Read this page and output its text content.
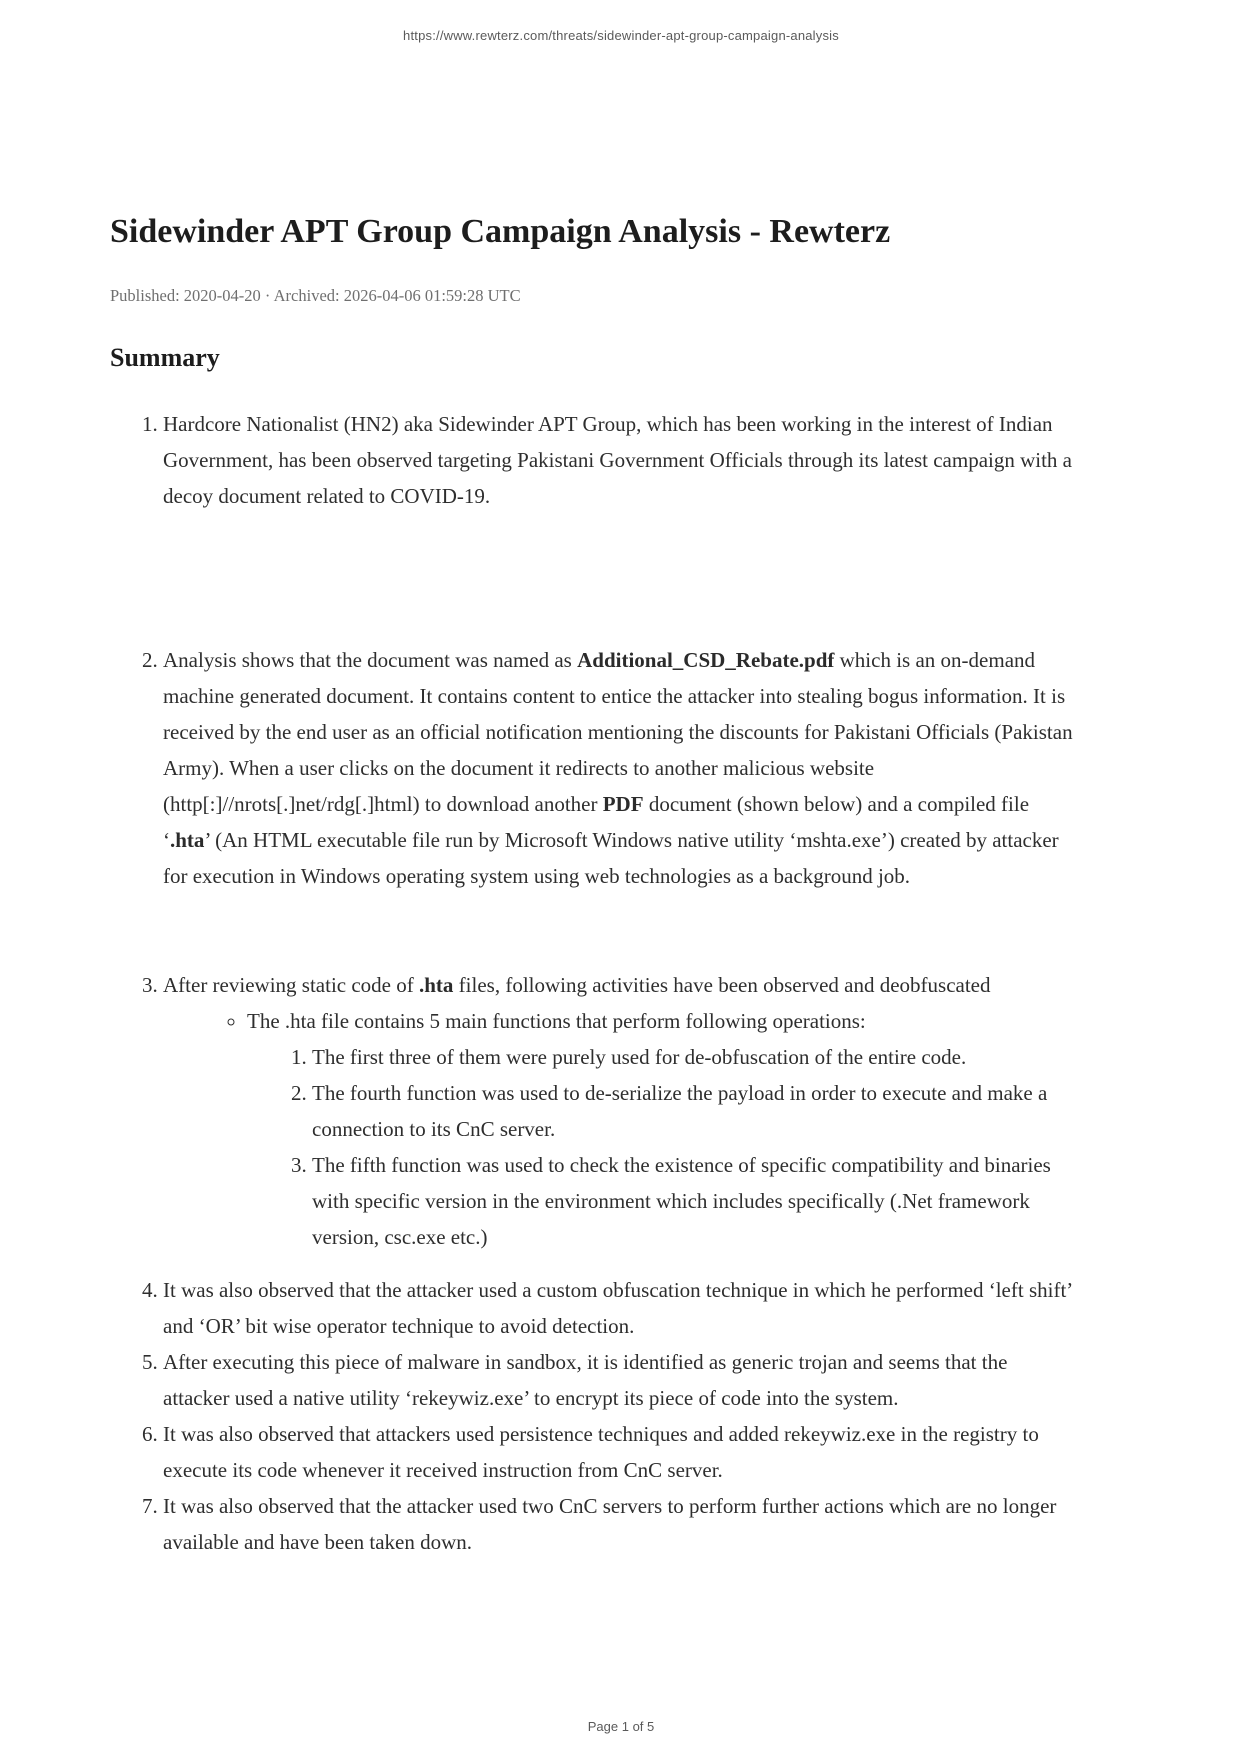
https://www.rewterz.com/threats/sidewinder-apt-group-campaign-analysis
Sidewinder APT Group Campaign Analysis - Rewterz
Published: 2020-04-20 · Archived: 2026-04-06 01:59:28 UTC
Summary
1. Hardcore Nationalist (HN2) aka Sidewinder APT Group, which has been working in the interest of Indian Government, has been observed targeting Pakistani Government Officials through its latest campaign with a decoy document related to COVID-19.
2. Analysis shows that the document was named as Additional_CSD_Rebate.pdf which is an on-demand machine generated document. It contains content to entice the attacker into stealing bogus information. It is received by the end user as an official notification mentioning the discounts for Pakistani Officials (Pakistan Army). When a user clicks on the document it redirects to another malicious website (http[:]//nrots[.]net/rdg[.]html) to download another PDF document (shown below) and a compiled file ‘.hta’ (An HTML executable file run by Microsoft Windows native utility ‘mshta.exe’) created by attacker for execution in Windows operating system using web technologies as a background job.
3. After reviewing static code of .hta files, following activities have been observed and deobfuscated
◦ The .hta file contains 5 main functions that perform following operations:
1. The first three of them were purely used for de-obfuscation of the entire code.
2. The fourth function was used to de-serialize the payload in order to execute and make a connection to its CnC server.
3. The fifth function was used to check the existence of specific compatibility and binaries with specific version in the environment which includes specifically (.Net framework version, csc.exe etc.)
4. It was also observed that the attacker used a custom obfuscation technique in which he performed ‘left shift’ and ‘OR’ bit wise operator technique to avoid detection.
5. After executing this piece of malware in sandbox, it is identified as generic trojan and seems that the attacker used a native utility ‘rekeywiz.exe’ to encrypt its piece of code into the system.
6. It was also observed that attackers used persistence techniques and added rekeywiz.exe in the registry to execute its code whenever it received instruction from CnC server.
7. It was also observed that the attacker used two CnC servers to perform further actions which are no longer available and have been taken down.
Page 1 of 5
